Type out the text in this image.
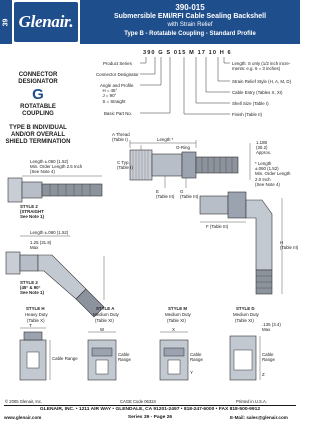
39 Glenair.
390-015
Submersible EMI/RFI Cable Sealing Backshell
with Strain Relief
Type B - Rotatable Coupling - Standard Profile
CONNECTOR
DESIGNATOR
G
ROTATABLE
COUPLING
TYPE B INDIVIDUAL
AND/OR OVERALL
SHIELD TERMINATION
390 G S 015 M 17 10 H 6
Product Series
Connector Designator
Angle and Profile
H = 45°
J = 90°
S = Straight
Basic Part No.
Length: S only (1/2 inch incre-
ments: e.g. 6 = 3 inches)
Strain Relief Style (H, A, M, D)
Cable Entry (Tables X, XI)
Shell Size (Table I)
Finish (Table II)
A Thread
(Table I)	Length *
O-Ring
C Typ.
(Table I)
E
(Table III)
G
(Table III)
1.188
(30.2)
Approx.
* Length
±.060 (1.52)
Min. Order Length
2.0 Inch
(See Note 4)
F (Table III)
H
(Table III)
Length ±.060 (1.52)
Min. Order Length 2.5 Inch
(See Note 4)
STYLE 2
(STRAIGHT
See Note 1)
Length ±.060 (1.52)
1.25 (31.8)
Max
STYLE 2
(45° & 90°
See Note 1)
STYLE H
Heavy Duty
(Table X)
STYLE A
Medium Duty
(Table XI)
STYLE M
Medium Duty
(Table XI)
STYLE D
Medium Duty
(Table XI)
T
Cable Range
W
Cable
Range
X
Cable
Range
Y
.135 (3.4)
Max
Cable
Range
Z
© 2005 Glenair, Inc.	CAGE Code 06324	Printed in U.S.A.
GLENAIR, INC. • 1211 AIR WAY • GLENDALE, CA 91201-2497 • 818-247-6000 • FAX 818-500-9912
www.glenair.com	Series 39 - Page 26	E-Mail: sales@glenair.com
